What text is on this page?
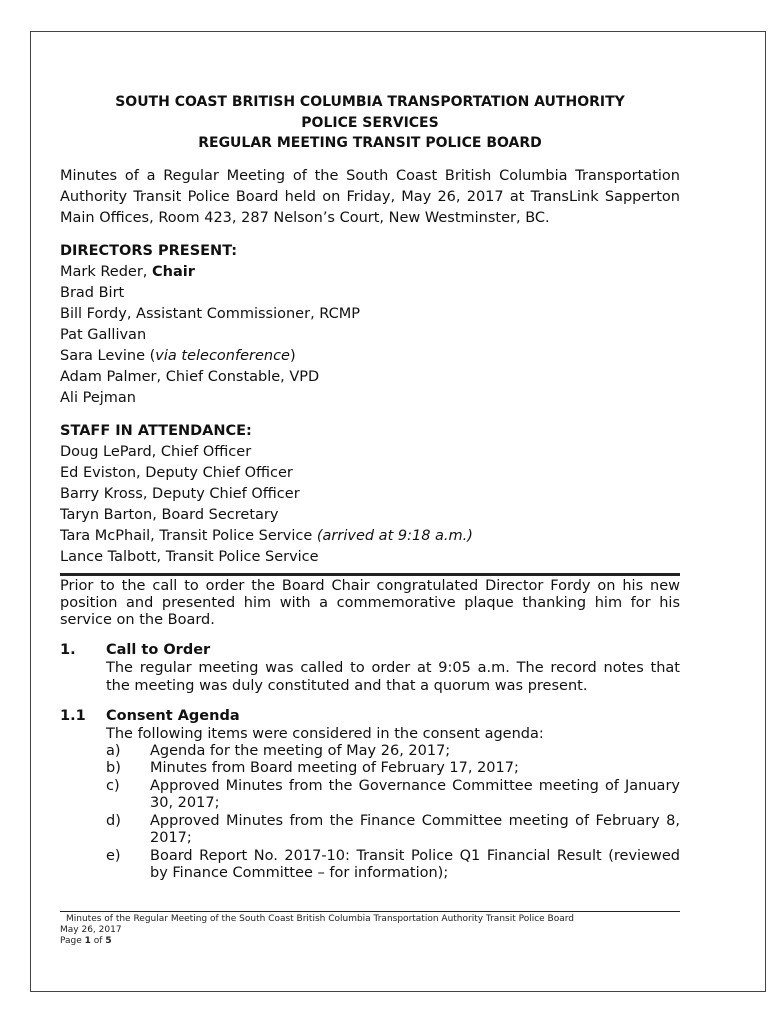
SOUTH COAST BRITISH COLUMBIA TRANSPORTATION AUTHORITY
POLICE SERVICES
REGULAR MEETING TRANSIT POLICE BOARD

Minutes of a Regular Meeting of the South Coast British Columbia Transportation Authority Transit Police Board held on Friday, May 26, 2017 at TransLink Sapperton Main Offices, Room 423, 287 Nelson’s Court, New Westminster, BC.

DIRECTORS PRESENT:
Mark Reder, Chair
Brad Birt
Bill Fordy, Assistant Commissioner, RCMP
Pat Gallivan
Sara Levine (via teleconference)
Adam Palmer, Chief Constable, VPD
Ali Pejman
STAFF IN ATTENDANCE:
Doug LePard, Chief Officer
Ed Eviston, Deputy Chief Officer
Barry Kross, Deputy Chief Officer
Taryn Barton, Board Secretary
Tara McPhail, Transit Police Service (arrived at 9:18 a.m.)
Lance Talbott, Transit Police Service

Prior to the call to order the Board Chair congratulated Director Fordy on his new position and presented him with a commemorative plaque thanking him for his service on the Board.

1.	Call to Order
The regular meeting was called to order at 9:05 a.m. The record notes that the meeting was duly constituted and that a quorum was present.
1.1	Consent Agenda
The following items were considered in the consent agenda:
a)	Agenda for the meeting of May 26, 2017;
b)	Minutes from Board meeting of February 17, 2017;
c)	Approved Minutes from the Governance Committee meeting of January 30, 2017;
d)	Approved Minutes from the Finance Committee meeting of February 8, 2017;
e)	Board Report No. 2017-10: Transit Police Q1 Financial Result (reviewed by Finance Committee – for information);
Minutes of the Regular Meeting of the South Coast British Columbia Transportation Authority Transit Police Board
May 26, 2017
Page 1 of 5
